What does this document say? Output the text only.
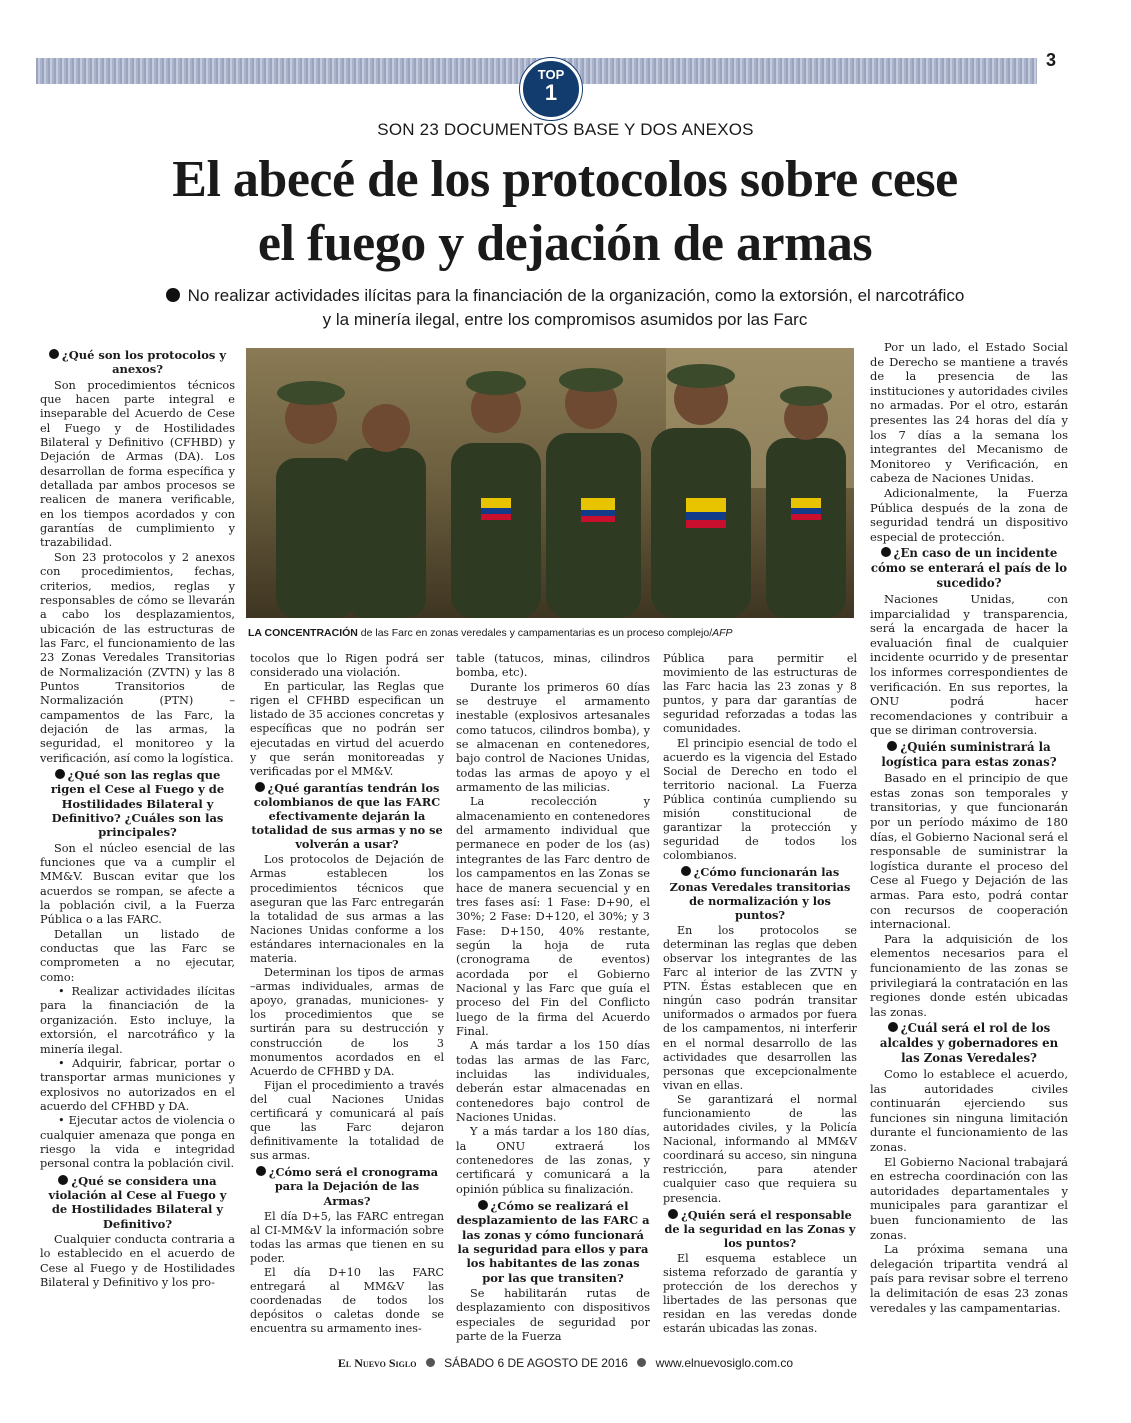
3
TOP
1
SON 23 DOCUMENTOS BASE Y DOS ANEXOS
El abecé de los protocolos sobre cese
el fuego y dejación de armas
No realizar actividades ilícitas para la financiación de la organización, como la extorsión, el narcotráfico
y la minería ilegal, entre los compromisos asumidos por las Farc
LA CONCENTRACIÓN de las Farc en zonas veredales y campamentarias es un proceso complejo/AFP
¿Qué son los protocolos y anexos?

Son procedimientos técnicos que hacen parte integral e inseparable del Acuerdo de Cese el Fuego y de Hostilidades Bilateral y Definitivo (CFHBD) y Dejación de Armas (DA). Los desarrollan de forma específica y detallada par ambos procesos se realicen de manera verificable, en los tiempos acordados y con garantías de cumplimiento y trazabilidad.

Son 23 protocolos y 2 anexos con procedimientos, fechas, criterios, medios, reglas y responsables de cómo se llevarán a cabo los desplazamientos, ubicación de las estructuras de las Farc, el funcionamiento de las 23 Zonas Veredales Transitorias de Normalización (ZVTN) y las 8 Puntos Transitorios de Normalización (PTN) –campamentos de las Farc, la dejación de las armas, la seguridad, el monitoreo y la verificación, así como la logística.

¿Qué son las reglas que rigen el Cese al Fuego y de Hostilidades Bilateral y Definitivo? ¿Cuáles son las principales?

Son el núcleo esencial de las funciones que va a cumplir el MM&V. Buscan evitar que los acuerdos se rompan, se afecte a la población civil, a la Fuerza Pública o a las FARC.

Detallan un listado de conductas que las Farc se comprometen a no ejecutar, como:

• Realizar actividades ilícitas para la financiación de la organización. Esto incluye, la extorsión, el narcotráfico y la minería ilegal.

• Adquirir, fabricar, portar o transportar armas municiones y explosivos no autorizados en el acuerdo del CFHBD y DA.

• Ejecutar actos de violencia o cualquier amenaza que ponga en riesgo la vida e integridad personal contra la población civil.

¿Qué se considera una violación al Cese al Fuego y de Hostilidades Bilateral y Definitivo?

Cualquier conducta contraria a lo establecido en el acuerdo de Cese al Fuego y de Hostilidades Bilateral y Definitivo y los pro-

tocolos que lo Rigen podrá ser considerado una violación.

En particular, las Reglas que rigen el CFHBD especifican un listado de 35 acciones concretas y específicas que no podrán ser ejecutadas en virtud del acuerdo y que serán monitoreadas y verificadas por el MM&V.

¿Qué garantías tendrán los colombianos de que las FARC efectivamente dejarán la totalidad de sus armas y no se volverán a usar?

Los protocolos de Dejación de Armas establecen los procedimientos técnicos que aseguran que las Farc entregarán la totalidad de sus armas a las Naciones Unidas conforme a los estándares internacionales en la materia.

Determinan los tipos de armas –armas individuales, armas de apoyo, granadas, municiones- y los procedimientos que se surtirán para su destrucción y construcción de los 3 monumentos acordados en el Acuerdo de CFHBD y DA.

Fijan el procedimiento a través del cual Naciones Unidas certificará y comunicará al país que las Farc dejaron definitivamente la totalidad de sus armas.

¿Cómo será el cronograma para la Dejación de las Armas?

El día D+5, las FARC entregan al CI-MM&V la información sobre todas las armas que tienen en su poder.

El día D+10 las FARC entregará al MM&V las coordenadas de todos los depósitos o caletas donde se encuentra su armamento ines-

table (tatucos, minas, cilindros bomba, etc).

Durante los primeros 60 días se destruye el armamento inestable (explosivos artesanales como tatucos, cilindros bomba), y se almacenan en contenedores, bajo control de Naciones Unidas, todas las armas de apoyo y el armamento de las milicias.

La recolección y almacenamiento en contenedores del armamento individual que permanece en poder de los (as) integrantes de las Farc dentro de los campamentos en las Zonas se hace de manera secuencial y en tres fases así: 1 Fase: D+90, el 30%; 2 Fase: D+120, el 30%; y 3 Fase: D+150, 40% restante, según la hoja de ruta (cronograma de eventos) acordada por el Gobierno Nacional y las Farc que guía el proceso del Fin del Conflicto luego de la firma del Acuerdo Final.

A más tardar a los 150 días todas las armas de las Farc, incluidas las individuales, deberán estar almacenadas en contenedores bajo control de Naciones Unidas.

Y a más tardar a los 180 días, la ONU extraerá los contenedores de las zonas, y certificará y comunicará a la opinión pública su finalización.

¿Cómo se realizará el desplazamiento de las FARC a las zonas y cómo funcionará la seguridad para ellos y para los habitantes de las zonas por las que transiten?

Se habilitarán rutas de desplazamiento con dispositivos especiales de seguridad por parte de la Fuerza

Pública para permitir el movimiento de las estructuras de las Farc hacia las 23 zonas y 8 puntos, y para dar garantías de seguridad reforzadas a todas las comunidades.

El principio esencial de todo el acuerdo es la vigencia del Estado Social de Derecho en todo el territorio nacional. La Fuerza Pública continúa cumpliendo su misión constitucional de garantizar la protección y seguridad de todos los colombianos.

¿Cómo funcionarán las Zonas Veredales transitorias de normalización y los puntos?

En los protocolos se determinan las reglas que deben observar los integrantes de las Farc al interior de las ZVTN y PTN. Éstas establecen que en ningún caso podrán transitar uniformados o armados por fuera de los campamentos, ni interferir en el normal desarrollo de las actividades que desarrollen las personas que excepcionalmente vivan en ellas.

Se garantizará el normal funcionamiento de las autoridades civiles, y la Policía Nacional, informando al MM&V coordinará su acceso, sin ninguna restricción, para atender cualquier caso que requiera su presencia.

¿Quién será el responsable de la seguridad en las Zonas y los puntos?

El esquema establece un sistema reforzado de garantía y protección de los derechos y libertades de las personas que residan en las veredas donde estarán ubicadas las zonas.

Por un lado, el Estado Social de Derecho se mantiene a través de la presencia de las instituciones y autoridades civiles no armadas. Por el otro, estarán presentes las 24 horas del día y los 7 días a la semana los integrantes del Mecanismo de Monitoreo y Verificación, en cabeza de Naciones Unidas.

Adicionalmente, la Fuerza Pública después de la zona de seguridad tendrá un dispositivo especial de protección.

¿En caso de un incidente cómo se enterará el país de lo sucedido?

Naciones Unidas, con imparcialidad y transparencia, será la encargada de hacer la evaluación final de cualquier incidente ocurrido y de presentar los informes correspondientes de verificación. En sus reportes, la ONU podrá hacer recomendaciones y contribuir a que se diriman controversia.

¿Quién suministrará la logística para estas zonas?

Basado en el principio de que estas zonas son temporales y transitorias, y que funcionarán por un período máximo de 180 días, el Gobierno Nacional será el responsable de suministrar la logística durante el proceso del Cese al Fuego y Dejación de las armas. Para esto, podrá contar con recursos de cooperación internacional.

Para la adquisición de los elementos necesarios para el funcionamiento de las zonas se privilegiará la contratación en las regiones donde estén ubicadas las zonas.

¿Cuál será el rol de los alcaldes y gobernadores en las Zonas Veredales?

Como lo establece el acuerdo, las autoridades civiles continuarán ejerciendo sus funciones sin ninguna limitación durante el funcionamiento de las zonas.

El Gobierno Nacional trabajará en estrecha coordinación con las autoridades departamentales y municipales para garantizar el buen funcionamiento de las zonas.

La próxima semana una delegación tripartita vendrá al país para revisar sobre el terreno la delimitación de esas 23 zonas veredales y las campamentarias.

El Nuevo Siglo SÁBADO 6 DE AGOSTO DE 2016 www.elnuevosiglo.com.co
